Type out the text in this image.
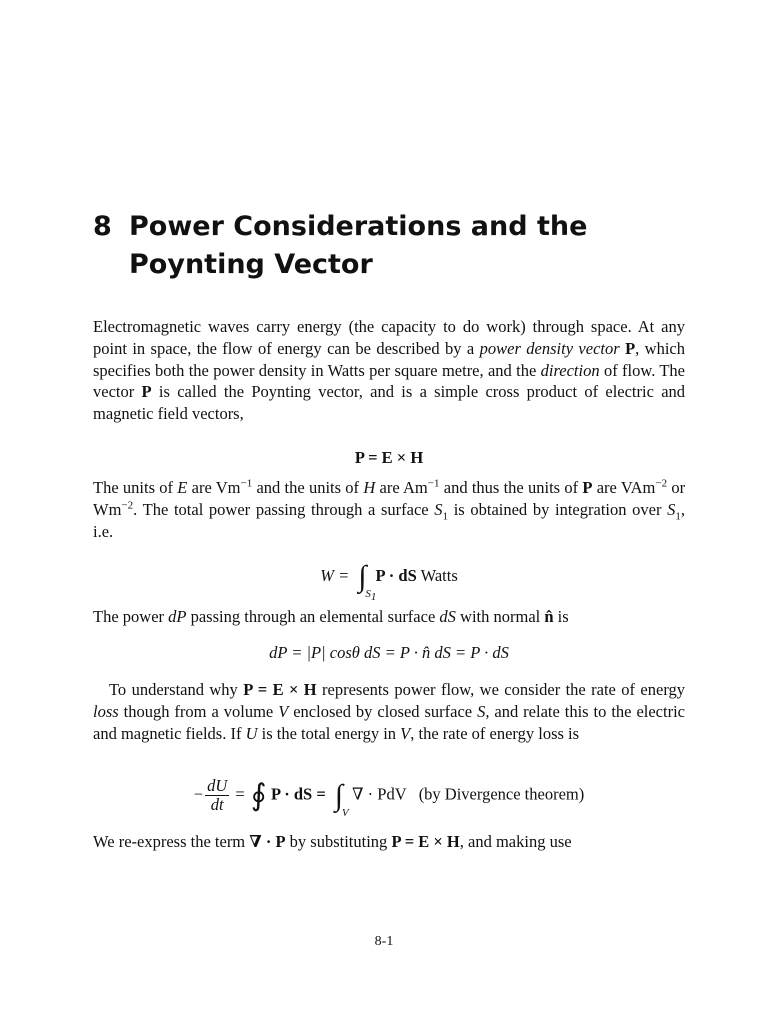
8 Power Considerations and the Poynting Vector
Electromagnetic waves carry energy (the capacity to do work) through space. At any point in space, the flow of energy can be described by a power density vector P, which specifies both the power density in Watts per square metre, and the direction of flow. The vector P is called the Poynting vector, and is a simple cross product of electric and magnetic field vectors,
P = E × H
The units of E are $Vm^{-1}$ and the units of H are $Am^{-1}$ and thus the units of P are VAm$^{-2}$ or $Wm^{-2}$. The total power passing through a surface $S_1$ is obtained by integration over $S_1$, i.e.
W = ∫
$S_1$
P · dS Watts
The power dP passing through an elemental surface dS with normal n̂ is
dP = |P| cosθ dS = P · n̂ dS = P · dS
To understand why P = E × H represents power flow, we consider the rate of energy loss though from a volume V enclosed by closed surface S, and relate this to the electric and magnetic fields. If U is the total energy in V, the rate of energy loss is
− $\frac{dU}{dt}$ = ∮ P · dS = ∫
V
∇ · PdV (by Divergence theorem)
We re-express the term ∇ · P by substituting P = E × H, and making use
8-1
